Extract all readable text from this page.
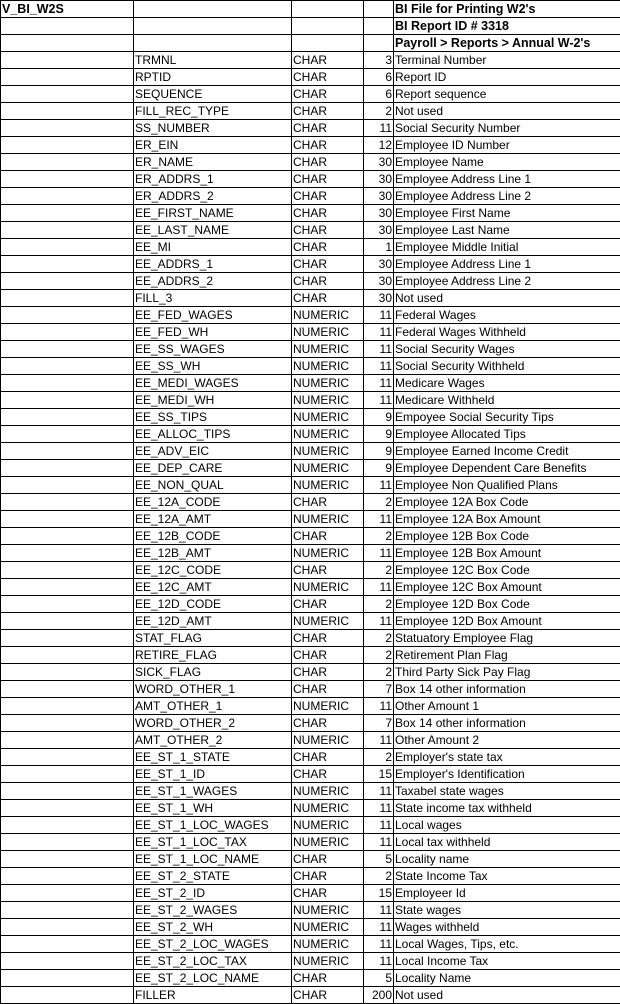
V_BI_W2S				BI File for Printing W2's
				BI Report ID # 3318
				Payroll > Reports > Annual W-2's
	TRMNL	CHAR	3	Terminal Number
	RPTID	CHAR	6	Report ID
	SEQUENCE	CHAR	6	Report sequence
	FILL_REC_TYPE	CHAR	2	Not used
	SS_NUMBER	CHAR	11	Social Security Number
	ER_EIN	CHAR	12	Employee ID Number
	ER_NAME	CHAR	30	Employee Name
	ER_ADDRS_1	CHAR	30	Employee Address Line 1
	ER_ADDRS_2	CHAR	30	Employee Address Line 2
	EE_FIRST_NAME	CHAR	30	Employee First Name
	EE_LAST_NAME	CHAR	30	Employee Last Name
	EE_MI	CHAR	1	Employee Middle Initial
	EE_ADDRS_1	CHAR	30	Employee Address Line 1
	EE_ADDRS_2	CHAR	30	Employee Address Line 2
	FILL_3	CHAR	30	Not used
	EE_FED_WAGES	NUMERIC	11	Federal Wages
	EE_FED_WH	NUMERIC	11	Federal Wages Withheld
	EE_SS_WAGES	NUMERIC	11	Social Security Wages
	EE_SS_WH	NUMERIC	11	Social Security Withheld
	EE_MEDI_WAGES	NUMERIC	11	Medicare Wages
	EE_MEDI_WH	NUMERIC	11	Medicare Withheld
	EE_SS_TIPS	NUMERIC	9	Empoyee Social Security Tips
	EE_ALLOC_TIPS	NUMERIC	9	Employee Allocated Tips
	EE_ADV_EIC	NUMERIC	9	Employee Earned Income Credit
	EE_DEP_CARE	NUMERIC	9	Employee Dependent Care Benefits
	EE_NON_QUAL	NUMERIC	11	Employee Non Qualified Plans
	EE_12A_CODE	CHAR	2	Employee 12A Box Code
	EE_12A_AMT	NUMERIC	11	Employee 12A Box Amount
	EE_12B_CODE	CHAR	2	Employee 12B Box Code
	EE_12B_AMT	NUMERIC	11	Employee 12B Box Amount
	EE_12C_CODE	CHAR	2	Employee 12C Box Code
	EE_12C_AMT	NUMERIC	11	Employee 12C Box Amount
	EE_12D_CODE	CHAR	2	Employee 12D Box Code
	EE_12D_AMT	NUMERIC	11	Employee 12D Box Amount
	STAT_FLAG	CHAR	2	Statuatory Employee Flag
	RETIRE_FLAG	CHAR	2	Retirement Plan Flag
	SICK_FLAG	CHAR	2	Third Party Sick Pay Flag
	WORD_OTHER_1	CHAR	7	Box 14 other information
	AMT_OTHER_1	NUMERIC	11	Other Amount 1
	WORD_OTHER_2	CHAR	7	Box 14 other information
	AMT_OTHER_2	NUMERIC	11	Other Amount 2
	EE_ST_1_STATE	CHAR	2	Employer's state tax
	EE_ST_1_ID	CHAR	15	Employer's Identification
	EE_ST_1_WAGES	NUMERIC	11	Taxabel state wages
	EE_ST_1_WH	NUMERIC	11	State income tax withheld
	EE_ST_1_LOC_WAGES	NUMERIC	11	Local wages
	EE_ST_1_LOC_TAX	NUMERIC	11	Local tax withheld
	EE_ST_1_LOC_NAME	CHAR	5	Locality name
	EE_ST_2_STATE	CHAR	2	State Income Tax
	EE_ST_2_ID	CHAR	15	Employeer Id
	EE_ST_2_WAGES	NUMERIC	11	State wages
	EE_ST_2_WH	NUMERIC	11	Wages withheld
	EE_ST_2_LOC_WAGES	NUMERIC	11	Local Wages, Tips, etc.
	EE_ST_2_LOC_TAX	NUMERIC	11	Local Income Tax
	EE_ST_2_LOC_NAME	CHAR	5	Locality Name
	FILLER	CHAR	200	Not used
